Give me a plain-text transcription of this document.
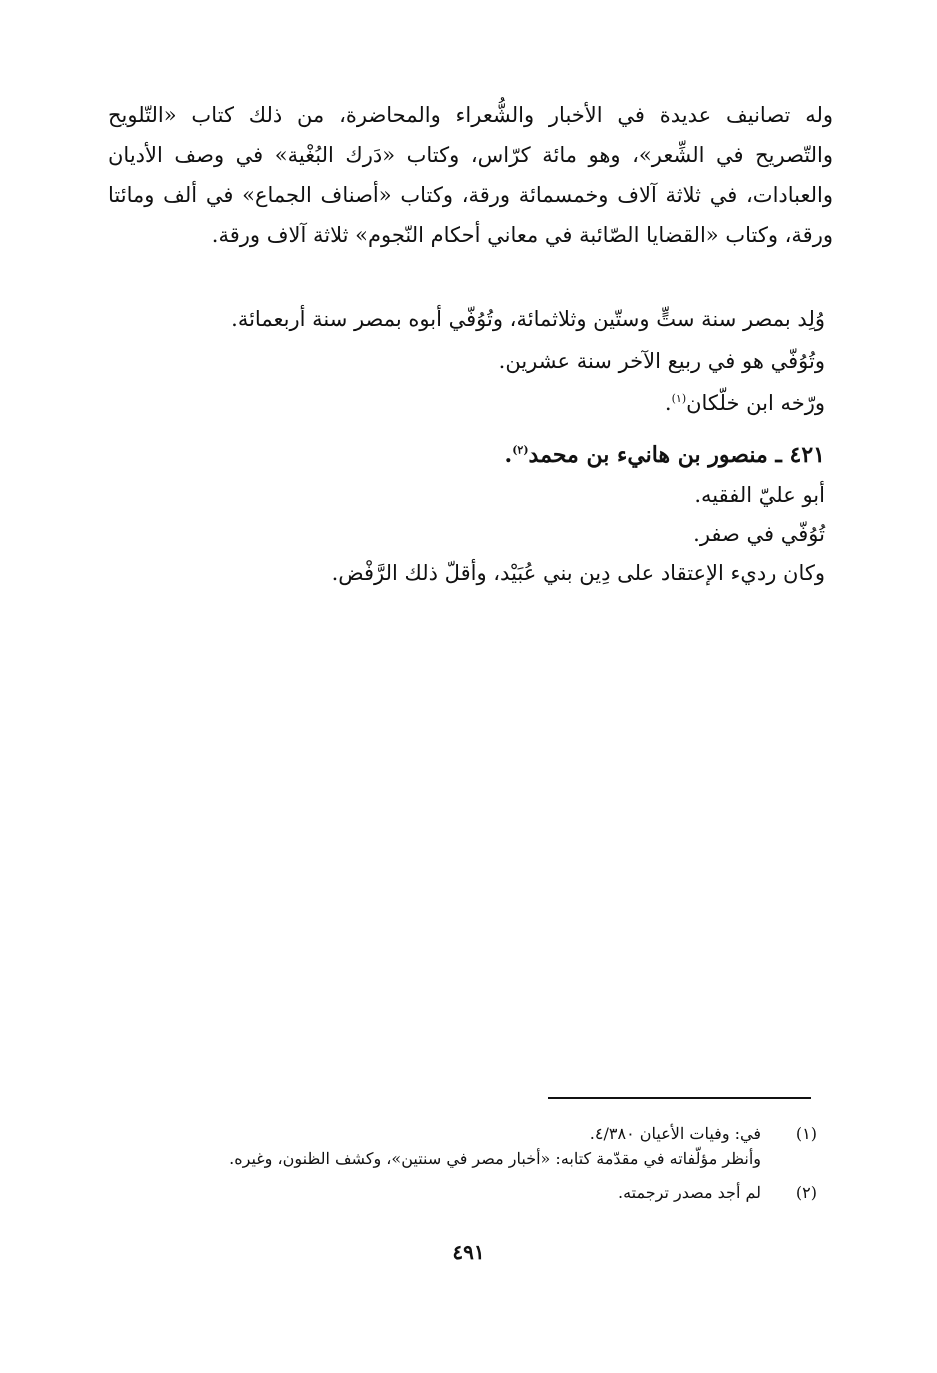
وله تصانيف عديدة في الأخبار والشُّعراء والمحاضرة، من ذلك كتاب «التّلويح والتّصريح في الشِّعر»، وهو مائة كرّاس، وكتاب «دَرك البُغْية» في وصف الأديان والعبادات، في ثلاثة آلاف وخمسمائة ورقة، وكتاب «أصناف الجماع» في ألف ومائتا ورقة، وكتاب «القضايا الصّائبة في معاني أحكام النّجوم» ثلاثة آلاف ورقة.
وُلِد بمصر سنة ستٍّ وستّين وثلاثمائة، وتُوُفّي أبوه بمصر سنة أربعمائة.
وتُوُفّي هو في ربيع الآخر سنة عشرين.
ورّخه ابن خلّكان$^{(١)}$.
٤٢١ ـ منصور بن هانيء بن محمد$^{(٢)}$.
أبو عليّ الفقيه.
تُوُفّي في صفر.
وكان رديء الإعتقاد على دِين بني عُبَيْد، وأقلّ ذلك الرَّفْض.
(١)في: وفيات الأعيان ٤/٣٨٠.
وأنظر مؤلّفاته في مقدّمة كتابه: «أخبار مصر في سنتين»، وكشف الظنون، وغيره.
(٢)لم أجد مصدر ترجمته.
٤٩١
